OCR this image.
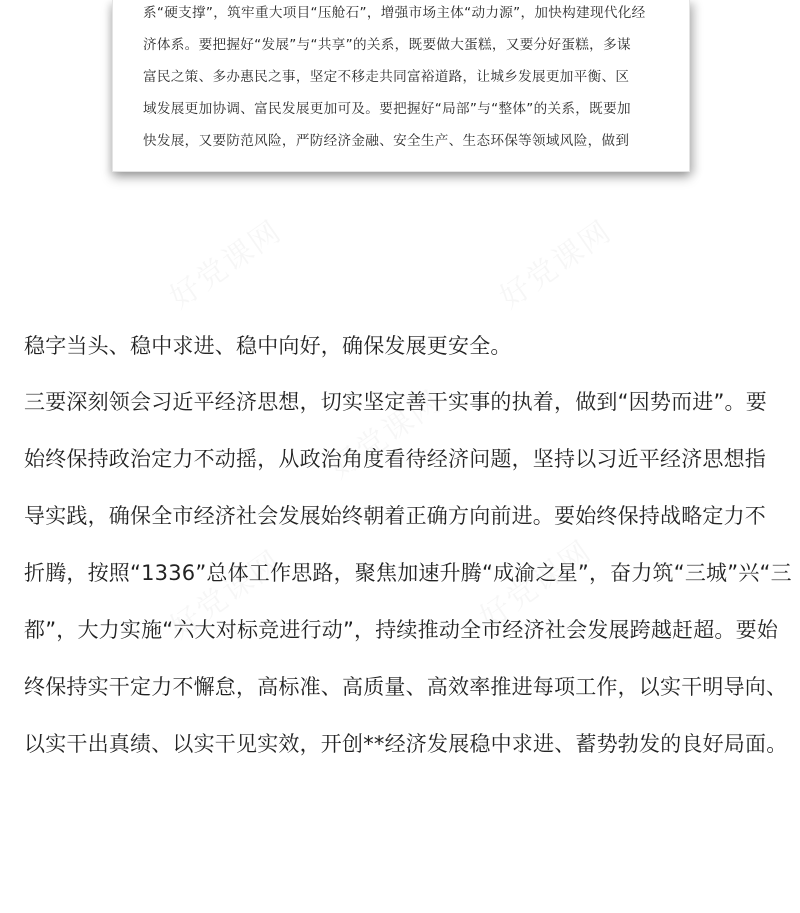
系“硬支撑”，筑牢重大项目“压舱石”，增强市场主体“动力源”，加快构建现代化经
济体系。要把握好“发展”与“共享”的关系，既要做大蛋糕，又要分好蛋糕，多谋
富民之策、多办惠民之事，坚定不移走共同富裕道路，让城乡发展更加平衡、区
域发展更加协调、富民发展更加可及。要把握好“局部”与“整体”的关系，既要加
快发展，又要防范风险，严防经济金融、安全生产、生态环保等领域风险，做到
稳字当头、稳中求进、稳中向好，确保发展更安全。
三要深刻领会习近平经济思想，切实坚定善干实事的执着，做到“因势而进”。要
始终保持政治定力不动摇，从政治角度看待经济问题，坚持以习近平经济思想指
导实践，确保全市经济社会发展始终朝着正确方向前进。要始终保持战略定力不
折腾，按照“1336”总体工作思路，聚焦加速升腾“成渝之星”，奋力筑“三城”兴“三
都”，大力实施“六大对标竞进行动”，持续推动全市经济社会发展跨越赶超。要始
终保持实干定力不懈怠，高标准、高质量、高效率推进每项工作，以实干明导向、
以实干出真绩、以实干见实效，开创**经济发展稳中求进、蓄势勃发的良好局面。
